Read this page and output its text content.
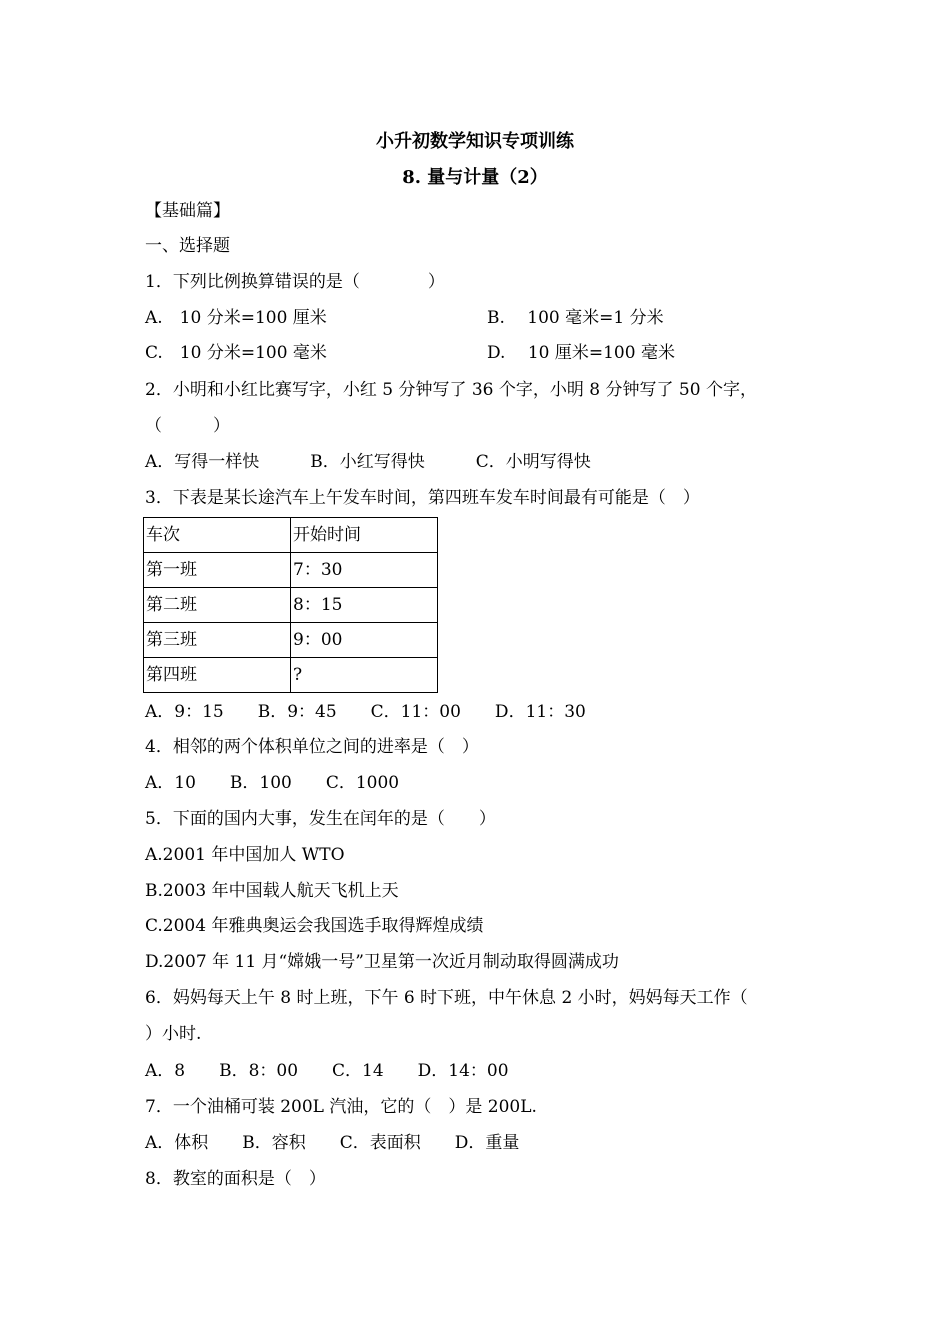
小升初数学知识专项训练
8. 量与计量（2）
【基础篇】
一、选择题
1．下列比例换算错误的是（　　　　）
A.　10 分米=100 厘米	B.　 100 毫米=1 分米
C.　10 分米=100 毫米	D.　 10 厘米=100 毫米
2．小明和小红比赛写字，小红 5 分钟写了 36 个字，小明 8 分钟写了 50 个字，
（　　　）
A．写得一样快　　　B．小红写得快　　　C．小明写得快
3．下表是某长途汽车上午发车时间，第四班车发车时间最有可能是（　）
车次	开始时间
第一班	7：30
第二班	8：15
第三班	9：00
第四班	?
A．9：15　　B．9：45　　C．11：00　　D．11：30
4．相邻的两个体积单位之间的进率是（　）
A．10　　B．100　　C．1000
5．下面的国内大事，发生在闰年的是（　　）
A.2001 年中国加人 WTO
B.2003 年中国载人航天飞机上天
C.2004 年雅典奥运会我国选手取得辉煌成绩
D.2007 年 11 月“嫦娥一号”卫星第一次近月制动取得圆满成功
6．妈妈每天上午 8 时上班，下午 6 时下班，中午休息 2 小时，妈妈每天工作（
）小时.
A．8　　B．8：00　　C．14　　D．14：00
7．一个油桶可装 200L 汽油，它的（　）是 200L.
A．体积　　B．容积　　C．表面积　　D．重量
8．教室的面积是（　）
